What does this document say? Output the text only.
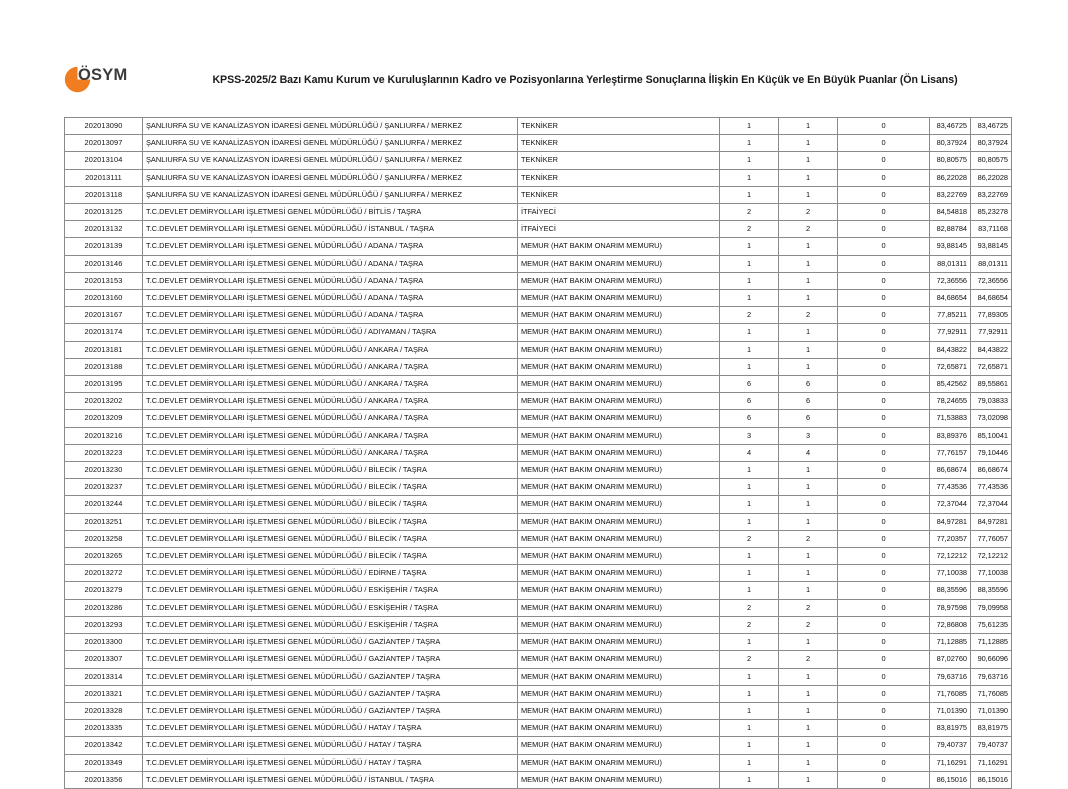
ÖSYM	KPSS-2025/2 Bazı Kamu Kurum ve Kuruluşlarının Kadro ve Pozisyonlarına Yerleştirme Sonuçlarına İlişkin En Küçük ve En Büyük Puanlar (Ön Lisans)
202013090	ŞANLIURFA SU VE KANALİZASYON İDARESİ GENEL MÜDÜRLÜĞÜ / ŞANLIURFA / MERKEZ	TEKNİKER	1	1	0	83,46725	83,46725
202013097	ŞANLIURFA SU VE KANALİZASYON İDARESİ GENEL MÜDÜRLÜĞÜ / ŞANLIURFA / MERKEZ	TEKNİKER	1	1	0	80,37924	80,37924
202013104	ŞANLIURFA SU VE KANALİZASYON İDARESİ GENEL MÜDÜRLÜĞÜ / ŞANLIURFA / MERKEZ	TEKNİKER	1	1	0	80,80575	80,80575
202013111	ŞANLIURFA SU VE KANALİZASYON İDARESİ GENEL MÜDÜRLÜĞÜ / ŞANLIURFA / MERKEZ	TEKNİKER	1	1	0	86,22028	86,22028
202013118	ŞANLIURFA SU VE KANALİZASYON İDARESİ GENEL MÜDÜRLÜĞÜ / ŞANLIURFA / MERKEZ	TEKNİKER	1	1	0	83,22769	83,22769
202013125	T.C.DEVLET DEMİRYOLLARI İŞLETMESİ GENEL MÜDÜRLÜĞÜ / BİTLİS / TAŞRA	İTFAİYECİ	2	2	0	84,54818	85,23278
202013132	T.C.DEVLET DEMİRYOLLARI İŞLETMESİ GENEL MÜDÜRLÜĞÜ / İSTANBUL / TAŞRA	İTFAİYECİ	2	2	0	82,88784	83,71168
202013139	T.C.DEVLET DEMİRYOLLARI İŞLETMESİ GENEL MÜDÜRLÜĞÜ / ADANA / TAŞRA	MEMUR (HAT BAKIM ONARIM MEMURU)	1	1	0	93,88145	93,88145
202013146	T.C.DEVLET DEMİRYOLLARI İŞLETMESİ GENEL MÜDÜRLÜĞÜ / ADANA / TAŞRA	MEMUR (HAT BAKIM ONARIM MEMURU)	1	1	0	88,01311	88,01311
202013153	T.C.DEVLET DEMİRYOLLARI İŞLETMESİ GENEL MÜDÜRLÜĞÜ / ADANA / TAŞRA	MEMUR (HAT BAKIM ONARIM MEMURU)	1	1	0	72,36556	72,36556
202013160	T.C.DEVLET DEMİRYOLLARI İŞLETMESİ GENEL MÜDÜRLÜĞÜ / ADANA / TAŞRA	MEMUR (HAT BAKIM ONARIM MEMURU)	1	1	0	84,68654	84,68654
202013167	T.C.DEVLET DEMİRYOLLARI İŞLETMESİ GENEL MÜDÜRLÜĞÜ / ADANA / TAŞRA	MEMUR (HAT BAKIM ONARIM MEMURU)	2	2	0	77,85211	77,89305
202013174	T.C.DEVLET DEMİRYOLLARI İŞLETMESİ GENEL MÜDÜRLÜĞÜ / ADIYAMAN / TAŞRA	MEMUR (HAT BAKIM ONARIM MEMURU)	1	1	0	77,92911	77,92911
202013181	T.C.DEVLET DEMİRYOLLARI İŞLETMESİ GENEL MÜDÜRLÜĞÜ / ANKARA / TAŞRA	MEMUR (HAT BAKIM ONARIM MEMURU)	1	1	0	84,43822	84,43822
202013188	T.C.DEVLET DEMİRYOLLARI İŞLETMESİ GENEL MÜDÜRLÜĞÜ / ANKARA / TAŞRA	MEMUR (HAT BAKIM ONARIM MEMURU)	1	1	0	72,65871	72,65871
202013195	T.C.DEVLET DEMİRYOLLARI İŞLETMESİ GENEL MÜDÜRLÜĞÜ / ANKARA / TAŞRA	MEMUR (HAT BAKIM ONARIM MEMURU)	6	6	0	85,42562	89,55861
202013202	T.C.DEVLET DEMİRYOLLARI İŞLETMESİ GENEL MÜDÜRLÜĞÜ / ANKARA / TAŞRA	MEMUR (HAT BAKIM ONARIM MEMURU)	6	6	0	78,24655	79,03833
202013209	T.C.DEVLET DEMİRYOLLARI İŞLETMESİ GENEL MÜDÜRLÜĞÜ / ANKARA / TAŞRA	MEMUR (HAT BAKIM ONARIM MEMURU)	6	6	0	71,53883	73,02098
202013216	T.C.DEVLET DEMİRYOLLARI İŞLETMESİ GENEL MÜDÜRLÜĞÜ / ANKARA / TAŞRA	MEMUR (HAT BAKIM ONARIM MEMURU)	3	3	0	83,89376	85,10041
202013223	T.C.DEVLET DEMİRYOLLARI İŞLETMESİ GENEL MÜDÜRLÜĞÜ / ANKARA / TAŞRA	MEMUR (HAT BAKIM ONARIM MEMURU)	4	4	0	77,76157	79,10446
202013230	T.C.DEVLET DEMİRYOLLARI İŞLETMESİ GENEL MÜDÜRLÜĞÜ / BİLECİK / TAŞRA	MEMUR (HAT BAKIM ONARIM MEMURU)	1	1	0	86,68674	86,68674
202013237	T.C.DEVLET DEMİRYOLLARI İŞLETMESİ GENEL MÜDÜRLÜĞÜ / BİLECİK / TAŞRA	MEMUR (HAT BAKIM ONARIM MEMURU)	1	1	0	77,43536	77,43536
202013244	T.C.DEVLET DEMİRYOLLARI İŞLETMESİ GENEL MÜDÜRLÜĞÜ / BİLECİK / TAŞRA	MEMUR (HAT BAKIM ONARIM MEMURU)	1	1	0	72,37044	72,37044
202013251	T.C.DEVLET DEMİRYOLLARI İŞLETMESİ GENEL MÜDÜRLÜĞÜ / BİLECİK / TAŞRA	MEMUR (HAT BAKIM ONARIM MEMURU)	1	1	0	84,97281	84,97281
202013258	T.C.DEVLET DEMİRYOLLARI İŞLETMESİ GENEL MÜDÜRLÜĞÜ / BİLECİK / TAŞRA	MEMUR (HAT BAKIM ONARIM MEMURU)	2	2	0	77,20357	77,76057
202013265	T.C.DEVLET DEMİRYOLLARI İŞLETMESİ GENEL MÜDÜRLÜĞÜ / BİLECİK / TAŞRA	MEMUR (HAT BAKIM ONARIM MEMURU)	1	1	0	72,12212	72,12212
202013272	T.C.DEVLET DEMİRYOLLARI İŞLETMESİ GENEL MÜDÜRLÜĞÜ / EDİRNE / TAŞRA	MEMUR (HAT BAKIM ONARIM MEMURU)	1	1	0	77,10038	77,10038
202013279	T.C.DEVLET DEMİRYOLLARI İŞLETMESİ GENEL MÜDÜRLÜĞÜ / ESKİŞEHİR / TAŞRA	MEMUR (HAT BAKIM ONARIM MEMURU)	1	1	0	88,35596	88,35596
202013286	T.C.DEVLET DEMİRYOLLARI İŞLETMESİ GENEL MÜDÜRLÜĞÜ / ESKİŞEHİR / TAŞRA	MEMUR (HAT BAKIM ONARIM MEMURU)	2	2	0	78,97598	79,09958
202013293	T.C.DEVLET DEMİRYOLLARI İŞLETMESİ GENEL MÜDÜRLÜĞÜ / ESKİŞEHİR / TAŞRA	MEMUR (HAT BAKIM ONARIM MEMURU)	2	2	0	72,86808	75,61235
202013300	T.C.DEVLET DEMİRYOLLARI İŞLETMESİ GENEL MÜDÜRLÜĞÜ / GAZİANTEP / TAŞRA	MEMUR (HAT BAKIM ONARIM MEMURU)	1	1	0	71,12885	71,12885
202013307	T.C.DEVLET DEMİRYOLLARI İŞLETMESİ GENEL MÜDÜRLÜĞÜ / GAZİANTEP / TAŞRA	MEMUR (HAT BAKIM ONARIM MEMURU)	2	2	0	87,02760	90,66096
202013314	T.C.DEVLET DEMİRYOLLARI İŞLETMESİ GENEL MÜDÜRLÜĞÜ / GAZİANTEP / TAŞRA	MEMUR (HAT BAKIM ONARIM MEMURU)	1	1	0	79,63716	79,63716
202013321	T.C.DEVLET DEMİRYOLLARI İŞLETMESİ GENEL MÜDÜRLÜĞÜ / GAZİANTEP / TAŞRA	MEMUR (HAT BAKIM ONARIM MEMURU)	1	1	0	71,76085	71,76085
202013328	T.C.DEVLET DEMİRYOLLARI İŞLETMESİ GENEL MÜDÜRLÜĞÜ / GAZİANTEP / TAŞRA	MEMUR (HAT BAKIM ONARIM MEMURU)	1	1	0	71,01390	71,01390
202013335	T.C.DEVLET DEMİRYOLLARI İŞLETMESİ GENEL MÜDÜRLÜĞÜ / HATAY / TAŞRA	MEMUR (HAT BAKIM ONARIM MEMURU)	1	1	0	83,81975	83,81975
202013342	T.C.DEVLET DEMİRYOLLARI İŞLETMESİ GENEL MÜDÜRLÜĞÜ / HATAY / TAŞRA	MEMUR (HAT BAKIM ONARIM MEMURU)	1	1	0	79,40737	79,40737
202013349	T.C.DEVLET DEMİRYOLLARI İŞLETMESİ GENEL MÜDÜRLÜĞÜ / HATAY / TAŞRA	MEMUR (HAT BAKIM ONARIM MEMURU)	1	1	0	71,16291	71,16291
202013356	T.C.DEVLET DEMİRYOLLARI İŞLETMESİ GENEL MÜDÜRLÜĞÜ / İSTANBUL / TAŞRA	MEMUR (HAT BAKIM ONARIM MEMURU)	1	1	0	86,15016	86,15016
